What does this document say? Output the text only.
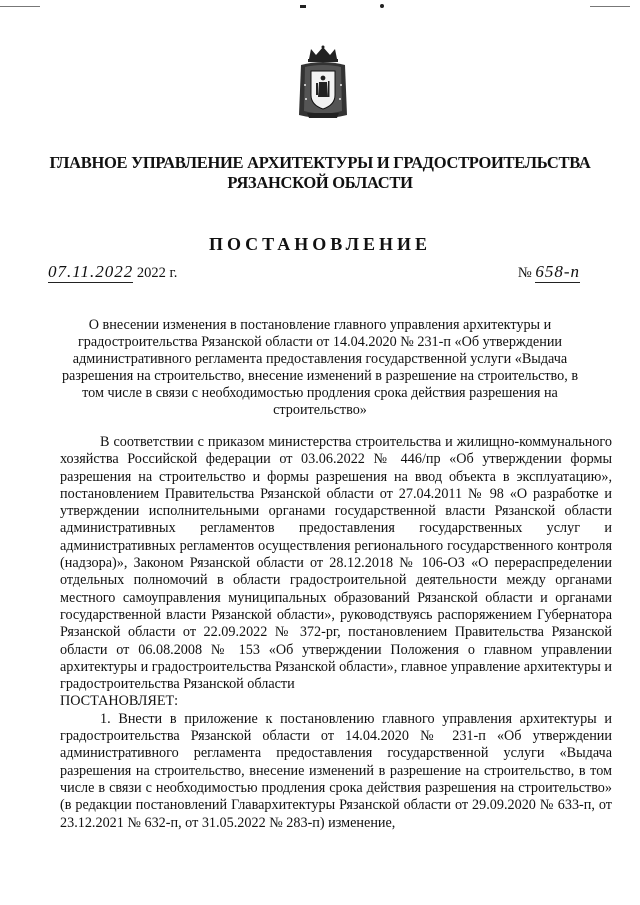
ГЛАВНОЕ УПРАВЛЕНИЕ АРХИТЕКТУРЫ И ГРАДОСТРОИТЕЛЬСТВА
РЯЗАНСКОЙ ОБЛАСТИ
ПОСТАНОВЛЕНИЕ
07.11.2022 2022 г.	№ 658-п
О внесении изменения в постановление главного управления архитектуры и градостроительства Рязанской области от 14.04.2020 № 231-п «Об утверждении административного регламента предоставления государственной услуги «Выдача разрешения на строительство, внесение изменений в разрешение на строительство, в том числе в связи с необходимостью продления срока действия разрешения на строительство»

В соответствии с приказом министерства строительства и жилищно-коммунального хозяйства Российской федерации от 03.06.2022 № 446/пр «Об утверждении формы разрешения на строительство и формы разрешения на ввод объекта в эксплуатацию», постановлением Правительства Рязанской области от 27.04.2011 № 98 «О разработке и утверждении исполнительными органами государственной власти Рязанской области административных регламентов предоставления государственных услуг и административных регламентов осуществления регионального государственного контроля (надзора)», Законом Рязанской области от 28.12.2018 № 106-ОЗ «О перераспределении отдельных полномочий в области градостроительной деятельности между органами местного самоуправления муниципальных образований Рязанской области и органами государственной власти Рязанской области», руководствуясь распоряжением Губернатора Рязанской области от 22.09.2022 № 372-рг, постановлением Правительства Рязанской области от 06.08.2008 № 153 «Об утверждении Положения о главном управлении архитектуры и градостроительства Рязанской области», главное управление архитектуры и градостроительства Рязанской области

ПОСТАНОВЛЯЕТ:

1. Внести в приложение к постановлению главного управления архитектуры и градостроительства Рязанской области от 14.04.2020 № 231-п «Об утверждении административного регламента предоставления государственной услуги «Выдача разрешения на строительство, внесение изменений в разрешение на строительство, в том числе в связи с необходимостью продления срока действия разрешения на строительство» (в редакции постановлений Главархитектуры Рязанской области от 29.09.2020 № 633-п, от 23.12.2021 № 632-п, от 31.05.2022 № 283-п) изменение,
